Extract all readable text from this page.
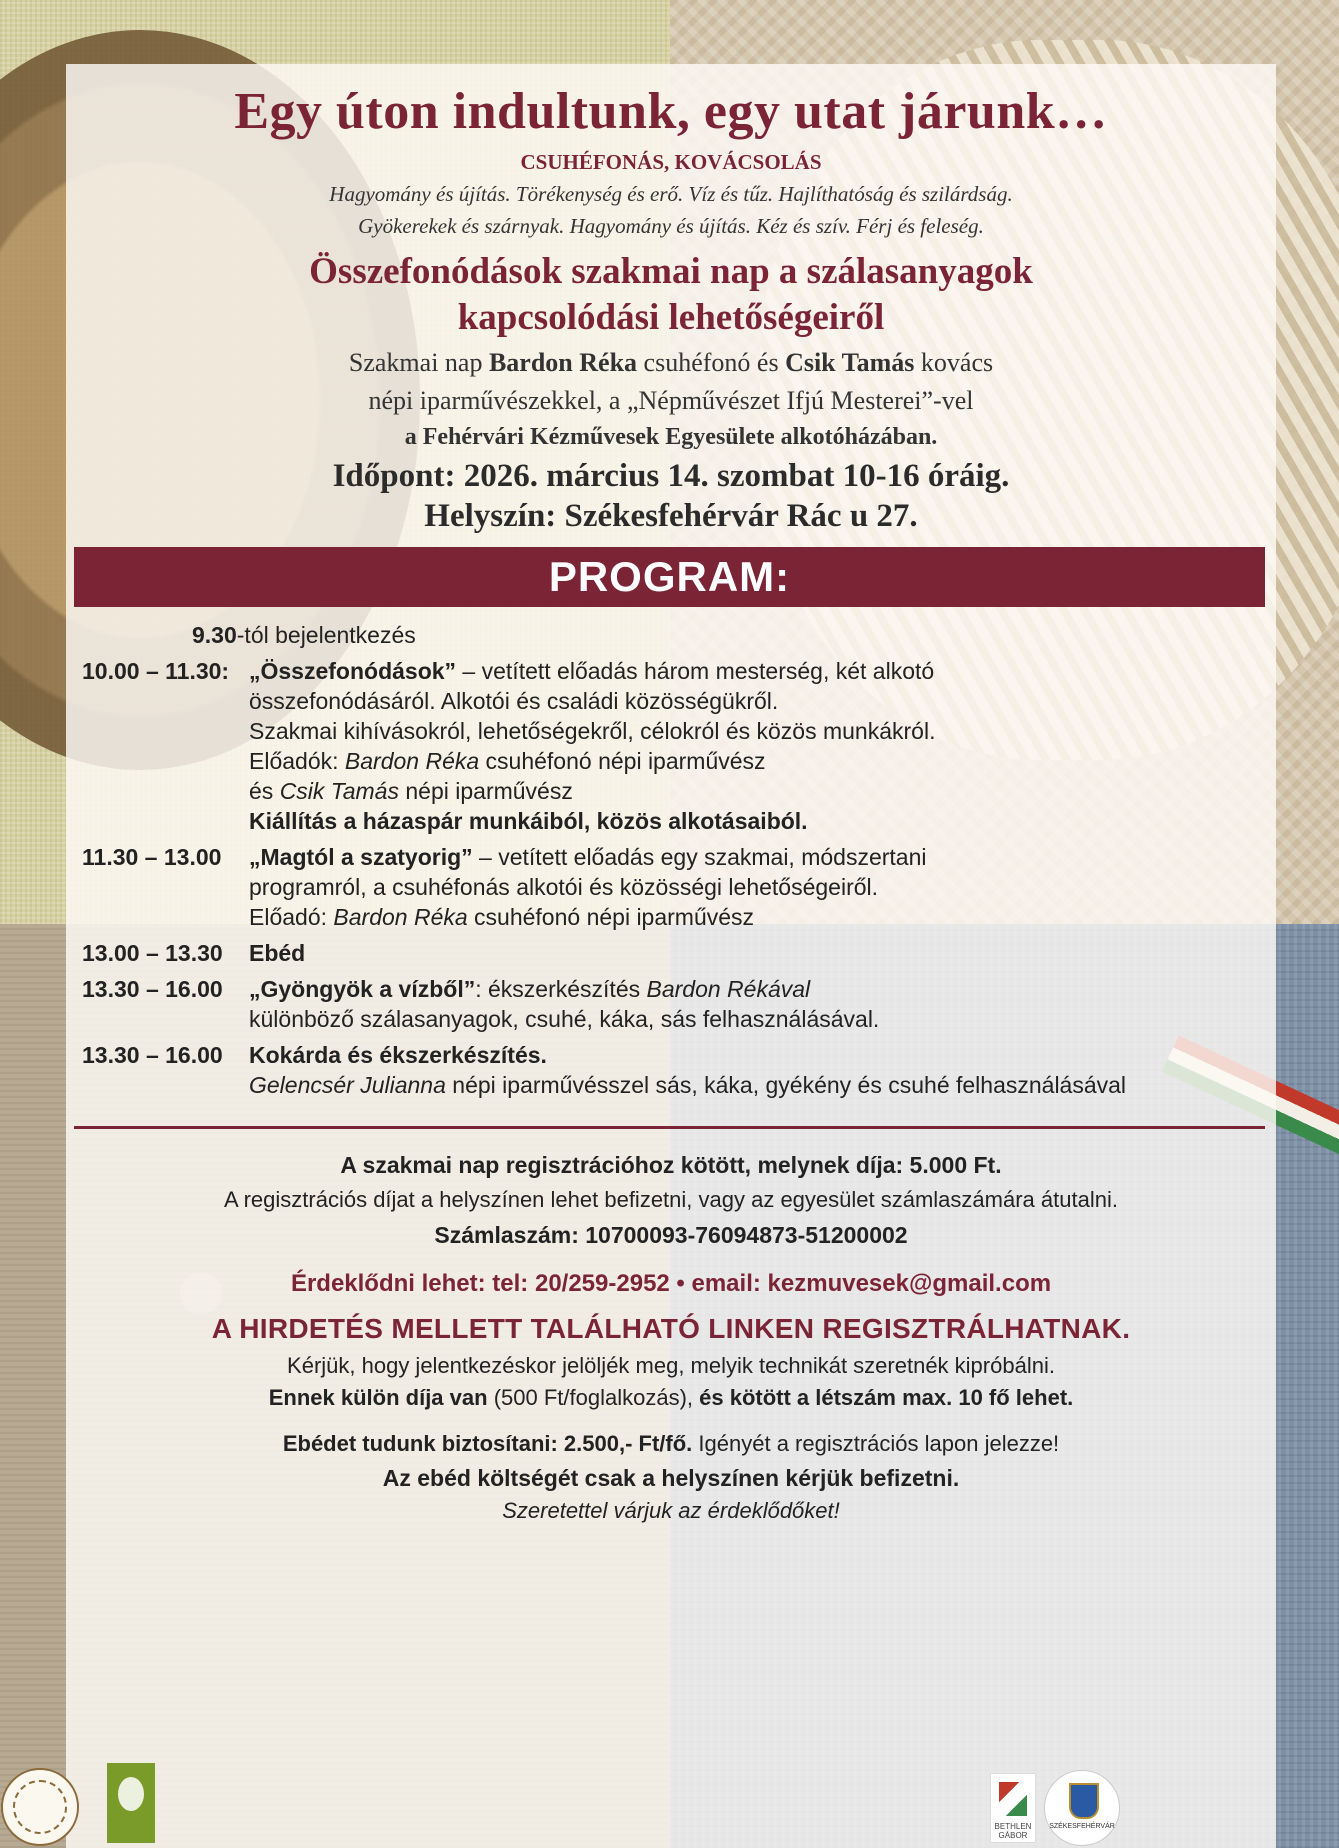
Egy úton indultunk, egy utat járunk…
CSUHÉFONÁS, KOVÁCSOLÁS
Hagyomány és újítás. Törékenység és erő. Víz és tűz. Hajlíthatóság és szilárdság.
Gyökerekek és szárnyak. Hagyomány és újítás. Kéz és szív. Férj és feleség.
Összefonódások szakmai nap a szálasanyagok
kapcsolódási lehetőségeiről
Szakmai nap Bardon Réka csuhéfonó és Csik Tamás kovács
népi iparművészekkel, a „Népművészet Ifjú Mesterei”-vel
a Fehérvári Kézművesek Egyesülete alkotóházában.
Időpont: 2026. március 14. szombat 10-16 óráig.
Helyszín: Székesfehérvár Rác u 27.
PROGRAM:
9.30-tól bejelentkezés
10.00 – 11.30: „Összefonódások” – vetített előadás három mesterség, két alkotó
összefonódásáról. Alkotói és családi közösségükről.
Szakmai kihívásokról, lehetőségekről, célokról és közös munkákról.
Előadók: Bardon Réka csuhéfonó népi iparművész
és Csik Tamás népi iparművész
Kiállítás a házaspár munkáiból, közös alkotásaiból.
11.30 – 13.00	„Magtól a szatyorig” – vetített előadás egy szakmai, módszertani
programról, a csuhéfonás alkotói és közösségi lehetőségeiről.
Előadó: Bardon Réka csuhéfonó népi iparművész
13.00 – 13.30	Ebéd
13.30 – 16.00	„Gyöngyök a vízből”: ékszerkészítés Bardon Rékával
különböző szálasanyagok, csuhé, káka, sás felhasználásával.
13.30 – 16.00	Kokárda és ékszerkészítés.
Gelencsér Julianna népi iparművésszel sás, káka, gyékény és csuhé felhasználásával
A szakmai nap regisztrációhoz kötött, melynek díja: 5.000 Ft.
A regisztrációs díjat a helyszínen lehet befizetni, vagy az egyesület számlaszámára átutalni.
Számlaszám: 10700093-76094873-51200002
Érdeklődni lehet: tel: 20/259-2952 • email: kezmuvesek@gmail.com
A HIRDETÉS MELLETT TALÁLHATÓ LINKEN REGISZTRÁLHATNAK.
Kérjük, hogy jelentkezéskor jelöljék meg, melyik technikát szeretnék kipróbálni.
Ennek külön díja van (500 Ft/foglalkozás), és kötött a létszám max. 10 fő lehet.
Ebédet tudunk biztosítani: 2.500,- Ft/fő. Igényét a regisztrációs lapon jelezze!
Az ebéd költségét csak a helyszínen kérjük befizetni.
Szeretettel várjuk az érdeklődőket!
BETHLEN GÁBOR
SZÉKESFEHÉRVÁR
